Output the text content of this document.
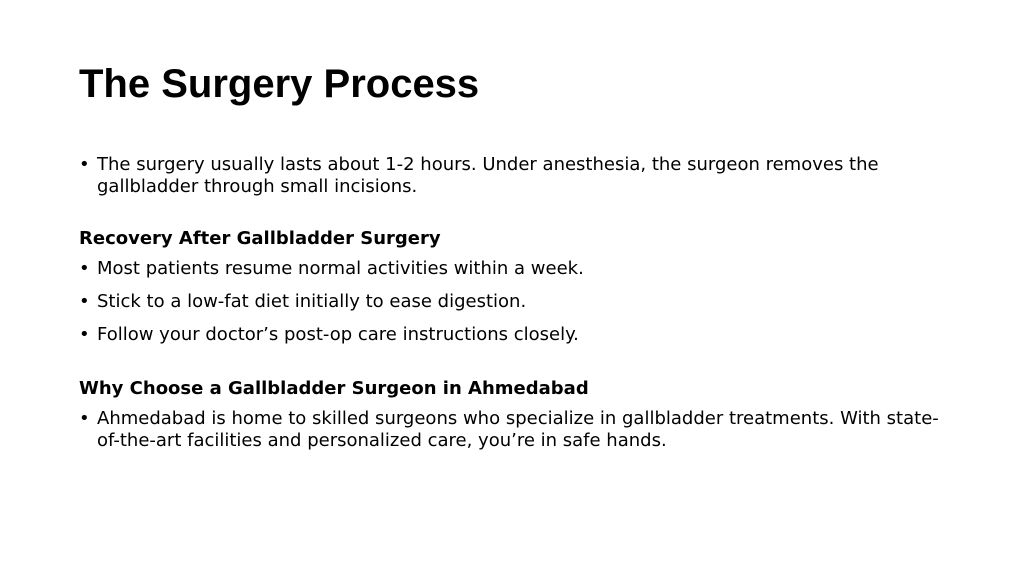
The Surgery Process

• The surgery usually lasts about 1-2 hours. Under anesthesia, the surgeon removes the gallbladder through small incisions.

Recovery After Gallbladder Surgery

• Most patients resume normal activities within a week.

• Stick to a low-fat diet initially to ease digestion.

• Follow your doctor’s post-op care instructions closely.

Why Choose a Gallbladder Surgeon in Ahmedabad

• Ahmedabad is home to skilled surgeons who specialize in gallbladder treatments. With state-of-the-art facilities and personalized care, you’re in safe hands.
